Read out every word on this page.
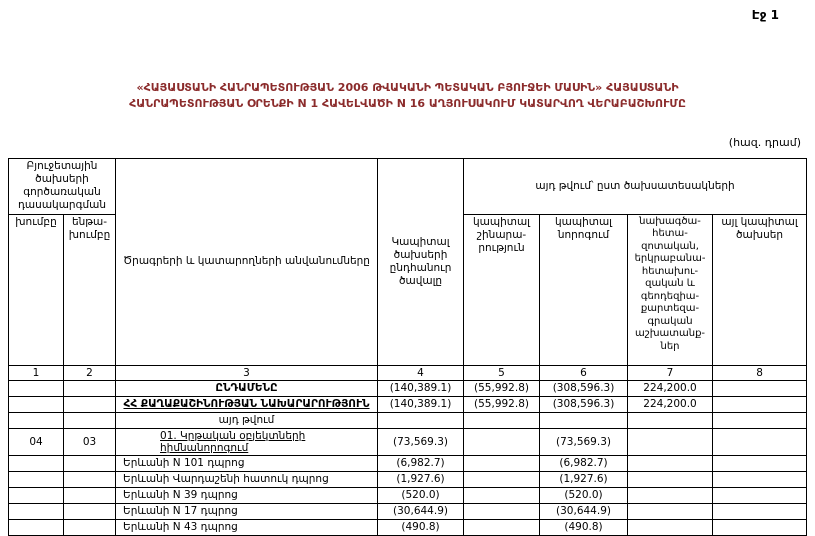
Էջ 1
«ՀԱՅԱՍՏԱՆԻ ՀԱՆՐԱՊԵՏՈՒԹՅԱՆ 2006 ԹՎԱԿԱՆԻ ՊԵՏԱԿԱՆ ԲՅՈՒՋԵԻ ՄԱՍԻՆ» ՀԱՅԱՍՏԱՆԻ
ՀԱՆՐԱՊԵՏՈՒԹՅԱՆ ՕՐԵՆՔԻ N 1 ՀԱՎԵԼՎԱԾԻ N 16 ԱՂՅՈՒՍԱԿՈՒՄ ԿԱՏԱՐՎՈՂ ՎԵՐԱԲԱՇԽՈՒՄԸ
(հազ. դրամ)
Բյուջետային ծախսերի գործառական դասակարգման		Ծրագրերի և կատարողների անվանումները	Կապիտալ ծախսերի ընդհանուր ծավալը	այդ թվում՝ ըստ ծախսատեսակների			
խումբը	ենթա-խումբը			կապիտալ շինարա-րություն	կապիտալ նորոգում	նախագծա-հետա-զոտական, երկրաբանա-հետախու-զական և գեոդեզիա-քարտեզա-գրական աշխատանք-ներ	այլ կապիտալ ծախսեր
1	2	3	4	5	6	7	8
		ԸՆԴԱՄԵՆԸ	(140,389.1)	(55,992.8)	(308,596.3)	224,200.0	
		ՀՀ ՔԱՂԱՔԱՇԻՆՈՒԹՅԱՆ ՆԱԽԱՐԱՐՈՒԹՅՈՒՆ	(140,389.1)	(55,992.8)	(308,596.3)	224,200.0	
		այդ թվում					
04	03	01. Կրթական օբյեկտների հիմնանորոգում	(73,569.3)		(73,569.3)		
		Երևանի N 101 դպրոց	(6,982.7)		(6,982.7)		
		Երևանի Վարդաշենի հատուկ դպրոց	(1,927.6)		(1,927.6)		
		Երևանի N 39 դպրոց	(520.0)		(520.0)		
		Երևանի N 17 դպրոց	(30,644.9)		(30,644.9)		
		Երևանի N 43 դպրոց	(490.8)		(490.8)		
